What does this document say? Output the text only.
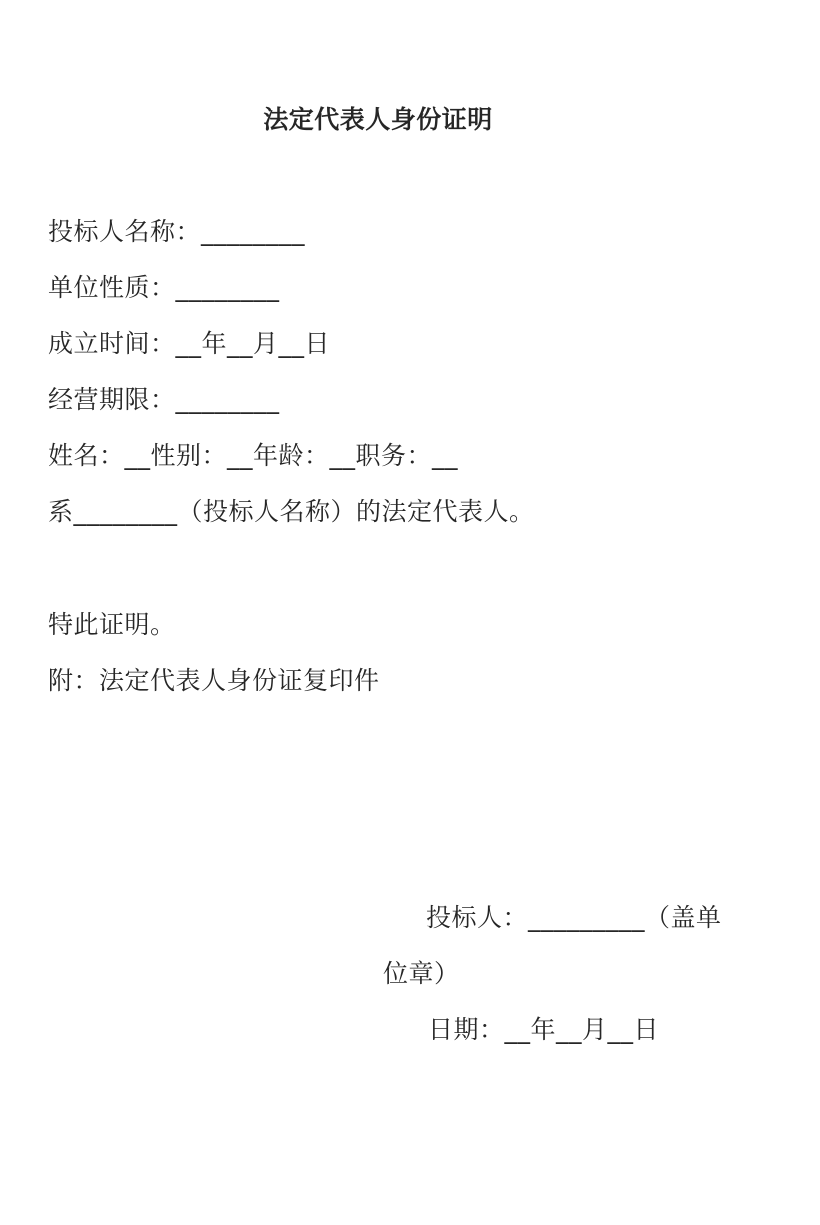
法定代表人身份证明
投标人名称：________
单位性质：________
成立时间：__年__月__日
经营期限：________
姓名：__性别：__年龄：__职务：__
系________（投标人名称）的法定代表人。
特此证明。
附：法定代表人身份证复印件
投标人：_________（盖单
位章）
日期：__年__月__日
